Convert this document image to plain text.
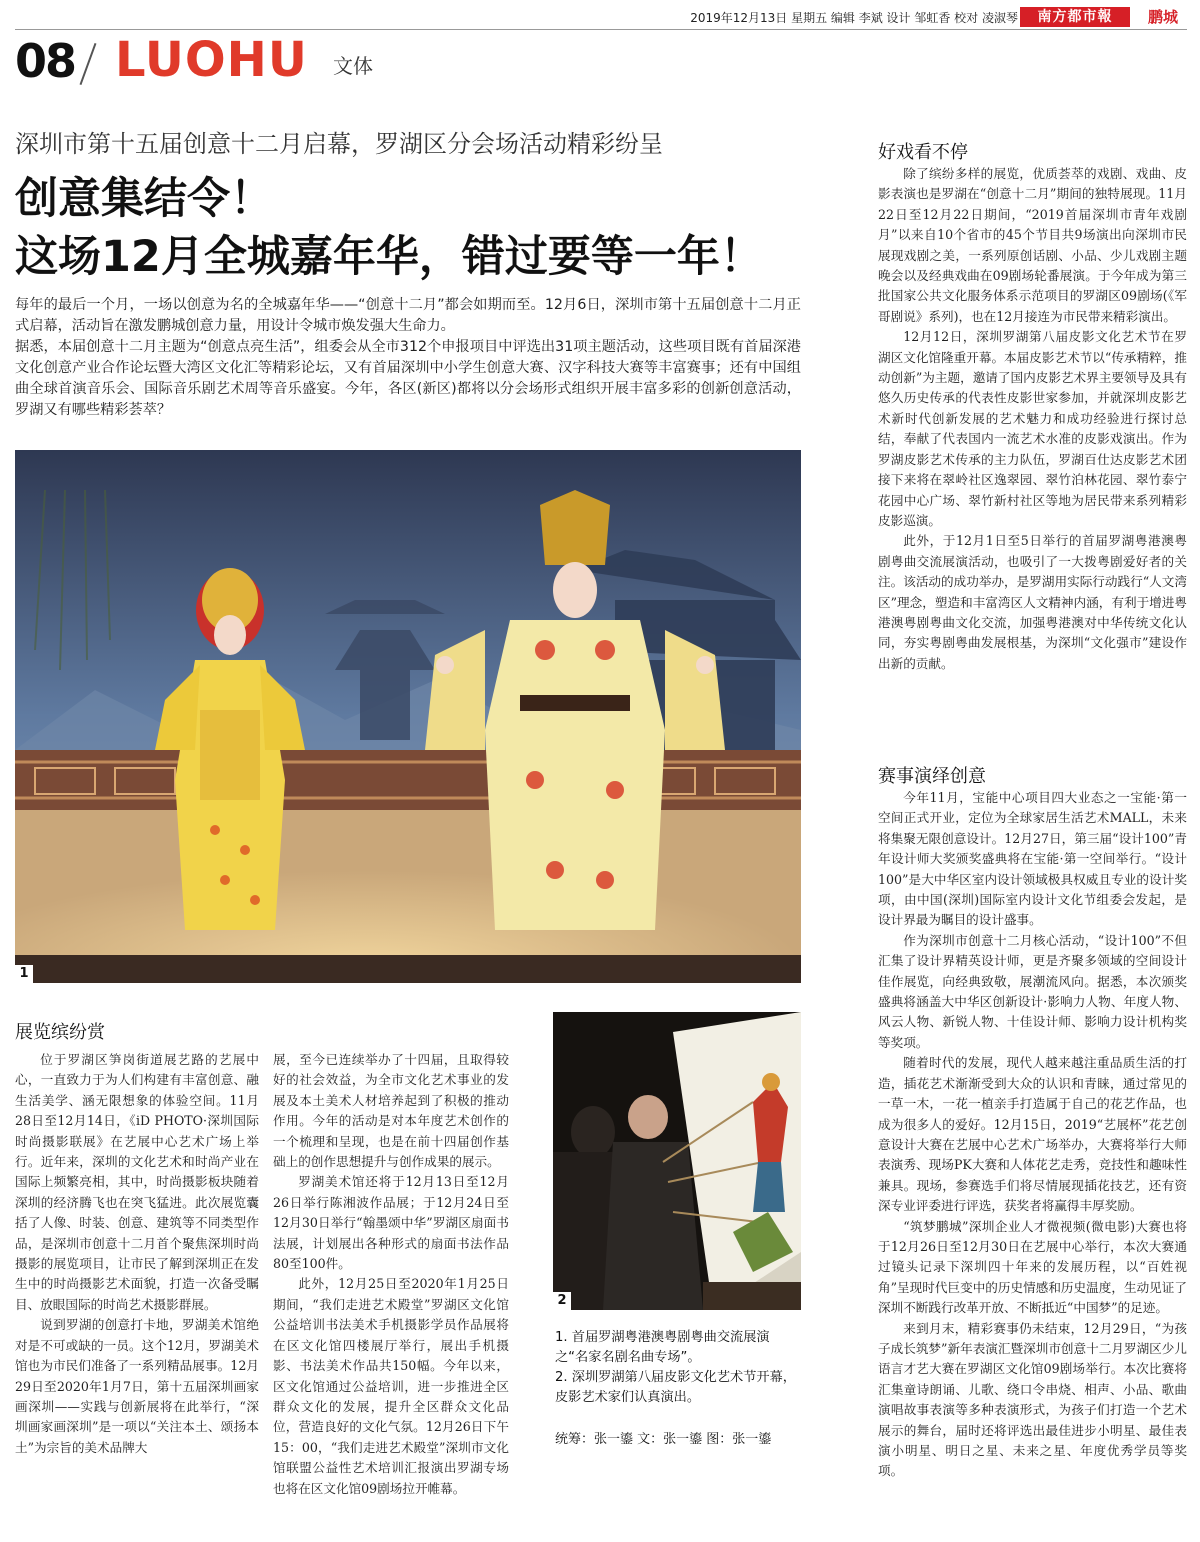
2019年12月13日 星期五 编辑 李斌 设计 邹虹香 校对 凌淑琴	南方都市報	鹏城
08 LUOHU 文体
深圳市第十五届创意十二月启幕，罗湖区分会场活动精彩纷呈
创意集结令！
这场12月全城嘉年华，错过要等一年！

每年的最后一个月，一场以创意为名的全城嘉年华——“创意十二月”都会如期而至。12月6日，深圳市第十五届创意十二月正式启幕，活动旨在激发鹏城创意力量，用设计令城市焕发强大生命力。

据悉，本届创意十二月主题为“创意点亮生活”，组委会从全市312个申报项目中评选出31项主题活动，这些项目既有首届深港文化创意产业合作论坛暨大湾区文化汇等精彩论坛，又有首届深圳中小学生创意大赛、汉字科技大赛等丰富赛事；还有中国组曲全球首演音乐会、国际音乐剧艺术周等音乐盛宴。今年，各区(新区)都将以分会场形式组织开展丰富多彩的创新创意活动，罗湖又有哪些精彩荟萃？

1
展览缤纷赏

位于罗湖区笋岗街道展艺路的艺展中心，一直致力于为人们构建有丰富创意、融生活美学、涵无限想象的体验空间。11月28日至12月14日，《iD PHOTO·深圳国际时尚摄影联展》在艺展中心艺术广场上举行。近年来，深圳的文化艺术和时尚产业在国际上频繁亮相，其中，时尚摄影板块随着深圳的经济腾飞也在突飞猛进。此次展览囊括了人像、时装、创意、建筑等不同类型作品，是深圳市创意十二月首个聚焦深圳时尚摄影的展览项目，让市民了解到深圳正在发生中的时尚摄影艺术面貌，打造一次备受瞩目、放眼国际的时尚艺术摄影群展。

说到罗湖的创意打卡地，罗湖美术馆绝对是不可或缺的一员。这个12月，罗湖美术馆也为市民们准备了一系列精品展事。12月29日至2020年1月7日，第十五届深圳画家画深圳——实践与创新展将在此举行，“深圳画家画深圳”是一项以“关注本土、颂扬本土”为宗旨的美术品牌大

展，至今已连续举办了十四届，且取得较好的社会效益，为全市文化艺术事业的发展及本土美术人材培养起到了积极的推动作用。今年的活动是对本年度艺术创作的一个梳理和呈现，也是在前十四届创作基础上的创作思想提升与创作成果的展示。

罗湖美术馆还将于12月13日至12月26日举行陈湘波作品展；于12月24日至12月30日举行“翰墨颂中华”罗湖区扇面书法展，计划展出各种形式的扇面书法作品80至100件。

此外，12月25日至2020年1月25日期间，“我们走进艺术殿堂”罗湖区文化馆公益培训书法美术手机摄影学员作品展将在区文化馆四楼展厅举行，展出手机摄影、书法美术作品共150幅。今年以来，区文化馆通过公益培训，进一步推进全区群众文化的发展，提升全区群众文化品位，营造良好的文化气氛。12月26日下午15：00，“我们走进艺术殿堂”深圳市文化馆联盟公益性艺术培训汇报演出罗湖专场也将在区文化馆09剧场拉开帷幕。

2
1. 首届罗湖粤港澳粤剧粤曲交流展演之“名家名剧名曲专场”。
2. 深圳罗湖第八届皮影文化艺术节开幕，皮影艺术家们认真演出。
统筹：张一鎏 文：张一鎏 图：张一鎏
好戏看不停

除了缤纷多样的展览，优质荟萃的戏剧、戏曲、皮影表演也是罗湖在“创意十二月”期间的独特展现。11月22日至12月22日期间，“2019首届深圳市青年戏剧月”以来自10个省市的45个节目共9场演出向深圳市民展现戏剧之美，一系列原创话剧、小品、少儿戏剧主题晚会以及经典戏曲在09剧场轮番展演。于今年成为第三批国家公共文化服务体系示范项目的罗湖区09剧场(《军哥剧说》系列)，也在12月接连为市民带来精彩演出。

12月12日，深圳罗湖第八届皮影文化艺术节在罗湖区文化馆隆重开幕。本届皮影艺术节以“传承精粹，推动创新”为主题，邀请了国内皮影艺术界主要领导及具有悠久历史传承的代表性皮影世家参加，并就深圳皮影艺术新时代创新发展的艺术魅力和成功经验进行探讨总结，奉献了代表国内一流艺术水准的皮影戏演出。作为罗湖皮影艺术传承的主力队伍，罗湖百仕达皮影艺术团接下来将在翠岭社区逸翠园、翠竹泊林花园、翠竹泰宁花园中心广场、翠竹新村社区等地为居民带来系列精彩皮影巡演。

此外，于12月1日至5日举行的首届罗湖粤港澳粤剧粤曲交流展演活动，也吸引了一大拨粤剧爱好者的关注。该活动的成功举办，是罗湖用实际行动践行“人文湾区”理念，塑造和丰富湾区人文精神内涵，有利于增进粤港澳粤剧粤曲文化交流，加强粤港澳对中华传统文化认同，夯实粤剧粤曲发展根基，为深圳“文化强市”建设作出新的贡献。

赛事演绎创意

今年11月，宝能中心项目四大业态之一宝能·第一空间正式开业，定位为全球家居生活艺术MALL，未来将集聚无限创意设计。12月27日，第三届“设计100”青年设计师大奖颁奖盛典将在宝能·第一空间举行。“设计100”是大中华区室内设计领域极具权威且专业的设计奖项，由中国(深圳)国际室内设计文化节组委会发起，是设计界最为瞩目的设计盛事。

作为深圳市创意十二月核心活动，“设计100”不但汇集了设计界精英设计师，更是齐聚多领域的空间设计佳作展览，向经典致敬，展潮流风向。据悉，本次颁奖盛典将涵盖大中华区创新设计·影响力人物、年度人物、风云人物、新锐人物、十佳设计师、影响力设计机构奖等奖项。

随着时代的发展，现代人越来越注重品质生活的打造，插花艺术渐渐受到大众的认识和青睐，通过常见的一草一木，一花一植亲手打造属于自己的花艺作品，也成为很多人的爱好。12月15日，2019“艺展杯”花艺创意设计大赛在艺展中心艺术广场举办，大赛将举行大师表演秀、现场PK大赛和人体花艺走秀，竞技性和趣味性兼具。现场，参赛选手们将尽情展现插花技艺，还有资深专业评委进行评选，获奖者将赢得丰厚奖励。

“筑梦鹏城”深圳企业人才微视频(微电影)大赛也将于12月26日至12月30日在艺展中心举行，本次大赛通过镜头记录下深圳四十年来的发展历程，以“百姓视角”呈现时代巨变中的历史情感和历史温度，生动见证了深圳不断践行改革开放、不断抵近“中国梦”的足迹。

来到月末，精彩赛事仍未结束，12月29日，“为孩子成长筑梦”新年表演汇暨深圳市创意十二月罗湖区少儿语言才艺大赛在罗湖区文化馆09剧场举行。本次比赛将汇集童诗朗诵、儿歌、绕口令串烧、相声、小品、歌曲演唱故事表演等多种表演形式，为孩子们打造一个艺术展示的舞台，届时还将评选出最佳进步小明星、最佳表演小明星、明日之星、未来之星、年度优秀学员等奖项。
